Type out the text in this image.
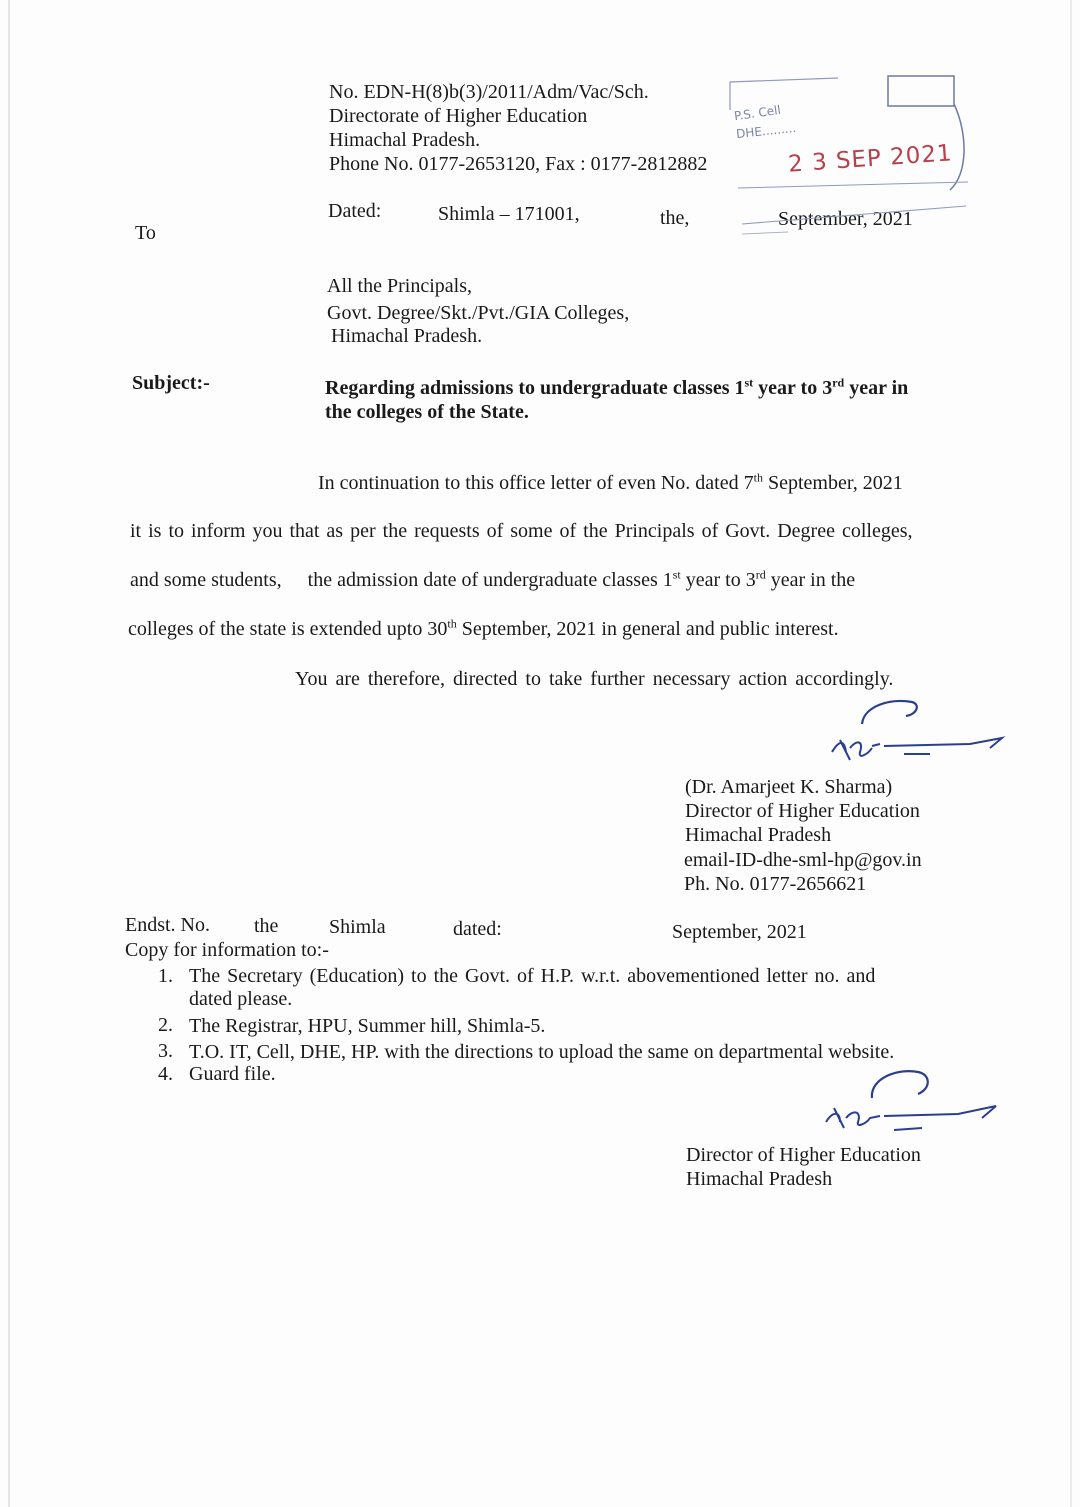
No. EDN-H(8)b(3)/2011/Adm/Vac/Sch.
Directorate of Higher Education
Himachal Pradesh.
Phone No. 0177-2653120, Fax : 0177-2812882
Dated:	Shimla – 171001,	the,	September, 2021
P.S. Cell
DHE.........
2 3 SEP 2021
To
All the Principals,
Govt. Degree/Skt./Pvt./GIA Colleges,
Himachal Pradesh.
Subject:-	Regarding admissions to undergraduate classes 1st year to 3rd year in
the colleges of the State.
In continuation to this office letter of even No. dated 7th September, 2021
it is to inform you that as per the requests of some of the Principals of Govt. Degree colleges,
and some students, the admission date of undergraduate classes 1st year to 3rd year in the
colleges of the state is extended upto 30th September, 2021 in general and public interest.
You are therefore, directed to take further necessary action accordingly.
(Dr. Amarjeet K. Sharma)
Director of Higher Education
Himachal Pradesh
email-ID-dhe-sml-hp@gov.in
Ph. No. 0177-2656621
Endst. No. the	Shimla	dated:	September, 2021
Copy for information to:-
1. The Secretary (Education) to the Govt. of H.P. w.r.t. abovementioned letter no. and
dated please.
2. The Registrar, HPU, Summer hill, Shimla-5.
3. T.O. IT, Cell, DHE, HP. with the directions to upload the same on departmental website.
4. Guard file.
Director of Higher Education
Himachal Pradesh
